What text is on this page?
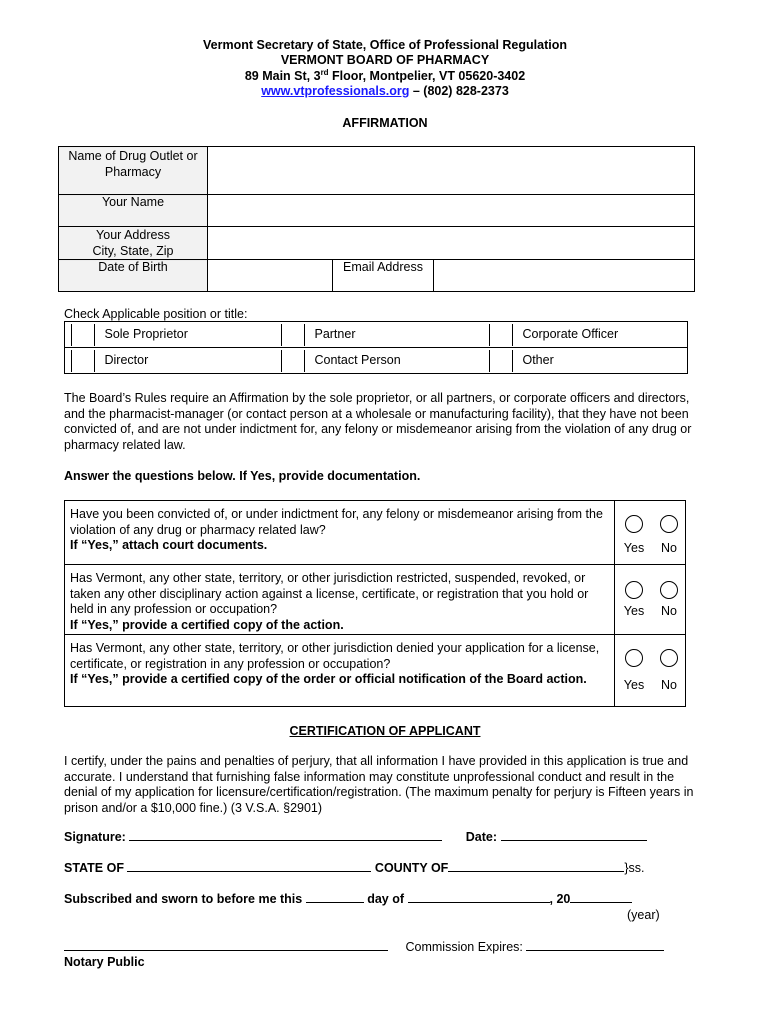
Vermont Secretary of State, Office of Professional Regulation
VERMONT BOARD OF PHARMACY
89 Main St, 3rd Floor, Montpelier, VT 05620-3402
www.vtprofessionals.org – (802) 828-2373
AFFIRMATION
Name of Drug Outlet or Pharmacy			

Your Name			

Your Address
City, State, Zip			

Date of Birth		Email Address	

Check Applicable position or title:
Sole Proprietor	Partner	Corporate Officer
Director	Contact Person	Other
The Board’s Rules require an Affirmation by the sole proprietor, or all partners, or corporate officers and directors, and the pharmacist-manager (or contact person at a wholesale or manufacturing facility), that they have not been convicted of, and are not under indictment for, any felony or misdemeanor arising from the violation of any drug or pharmacy related law.
Answer the questions below. If Yes, provide documentation.
Have you been convicted of, or under indictment for, any felony or misdemeanor arising from the violation of any drug or pharmacy related law?
If “Yes,” attach court documents.	Yes	No

Has Vermont, any other state, territory, or other jurisdiction restricted, suspended, revoked, or taken any other disciplinary action against a license, certificate, or registration that you hold or held in any profession or occupation?
If “Yes,” provide a certified copy of the action.	Yes	No

Has Vermont, any other state, territory, or other jurisdiction denied your application for a license, certificate, or registration in any profession or occupation?
If “Yes,” provide a certified copy of the order or official notification of the Board action.	Yes	No
CERTIFICATION OF APPLICANT
I certify, under the pains and penalties of perjury, that all information I have provided in this application is true and accurate. I understand that furnishing false information may constitute unprofessional conduct and result in the denial of my application for licensure/certification/registration. (The maximum penalty for perjury is Fifteen years in prison and/or a $10,000 fine.) (3 V.S.A. §2901)
Signature:	Date:
STATE OF	COUNTY OF	}ss.
Subscribed and sworn to before me this	day of	, 20
(year)
Commission Expires:
Notary Public
